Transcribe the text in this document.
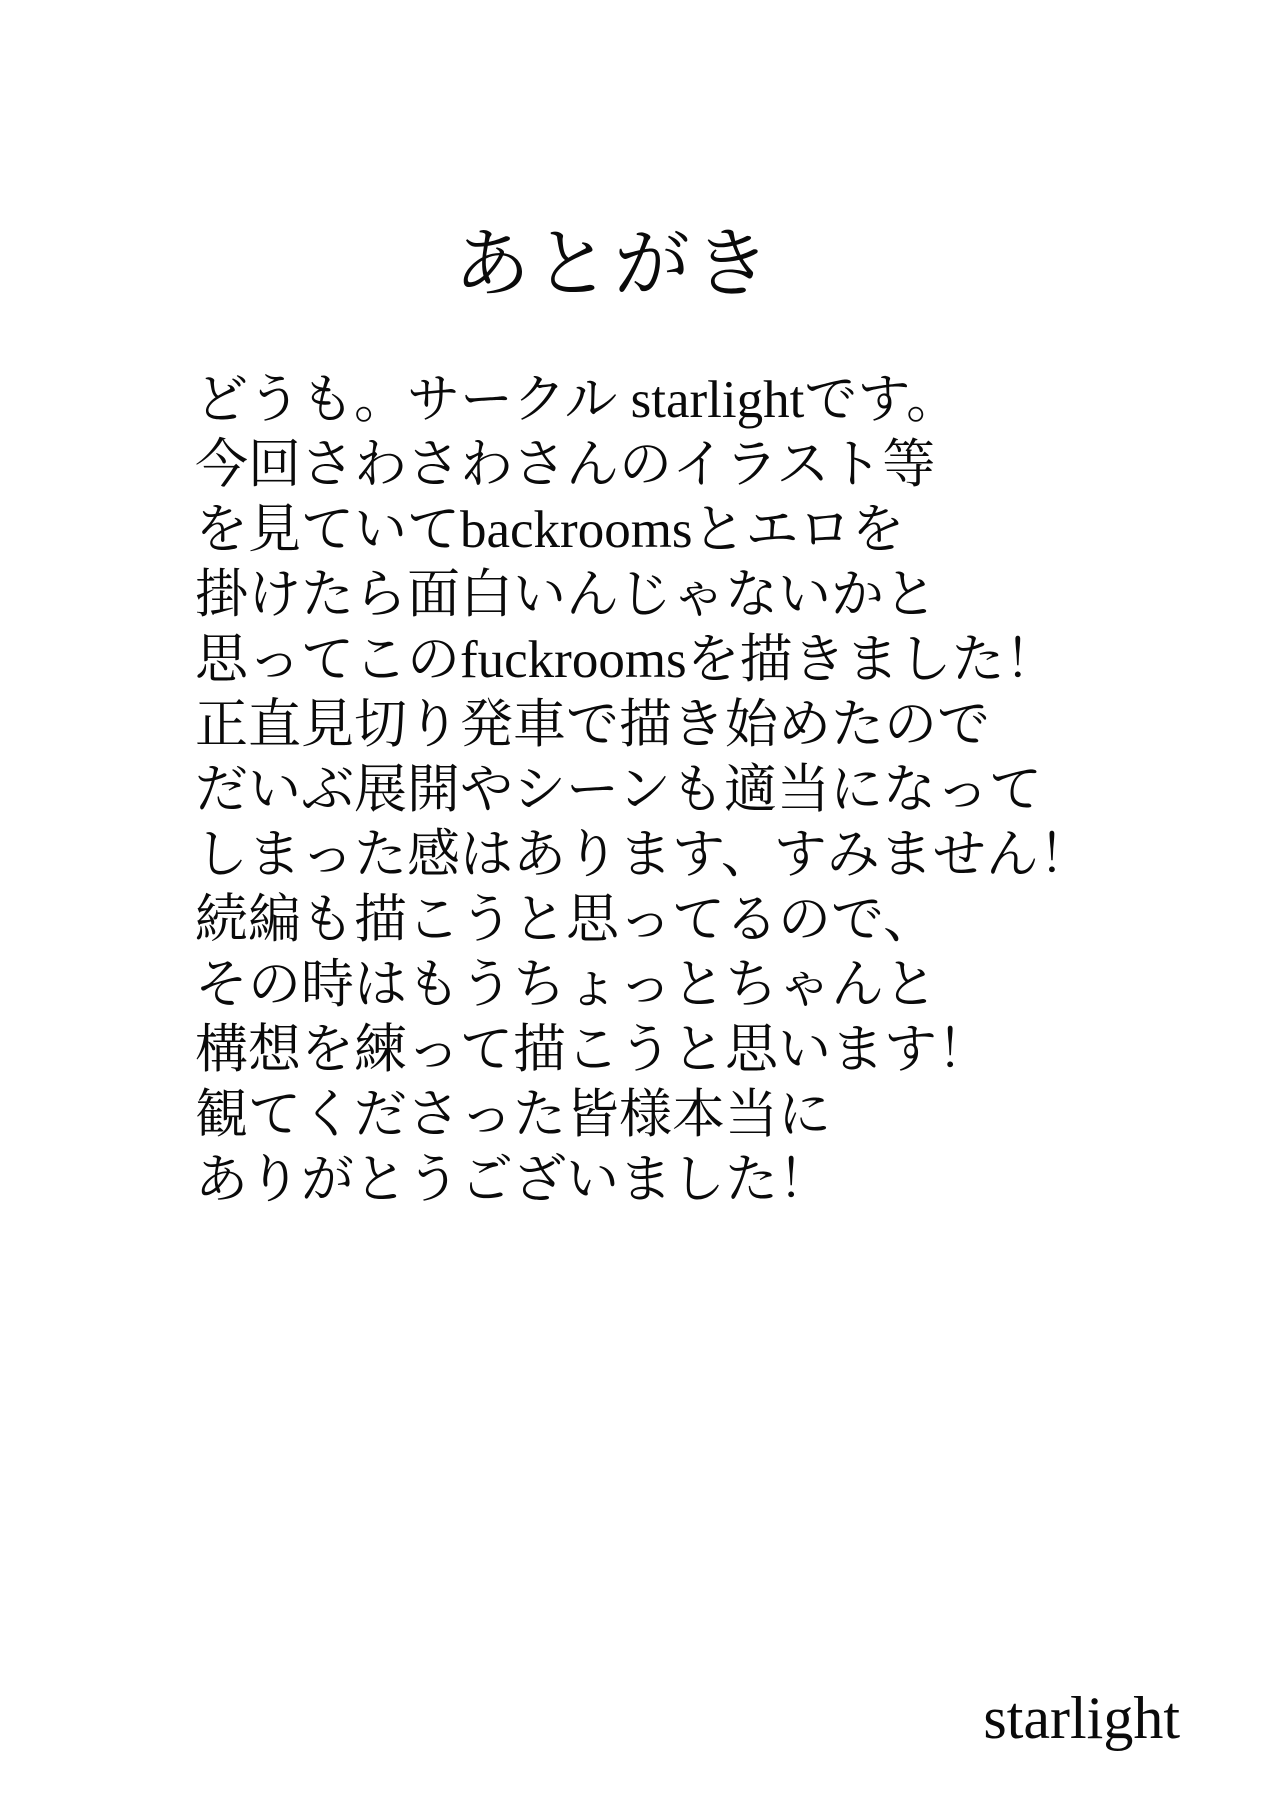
あとがき
どうも。サークル starlightです。
今回さわさわさんのイラスト等
を見ていてbackroomsとエロを
掛けたら面白いんじゃないかと
思ってこのfuckroomsを描きました！
正直見切り発車で描き始めたので
だいぶ展開やシーンも適当になって
しまった感はあります、すみません！
続編も描こうと思ってるので、
その時はもうちょっとちゃんと
構想を練って描こうと思います！
観てくださった皆様本当に
ありがとうございました！
starlight
